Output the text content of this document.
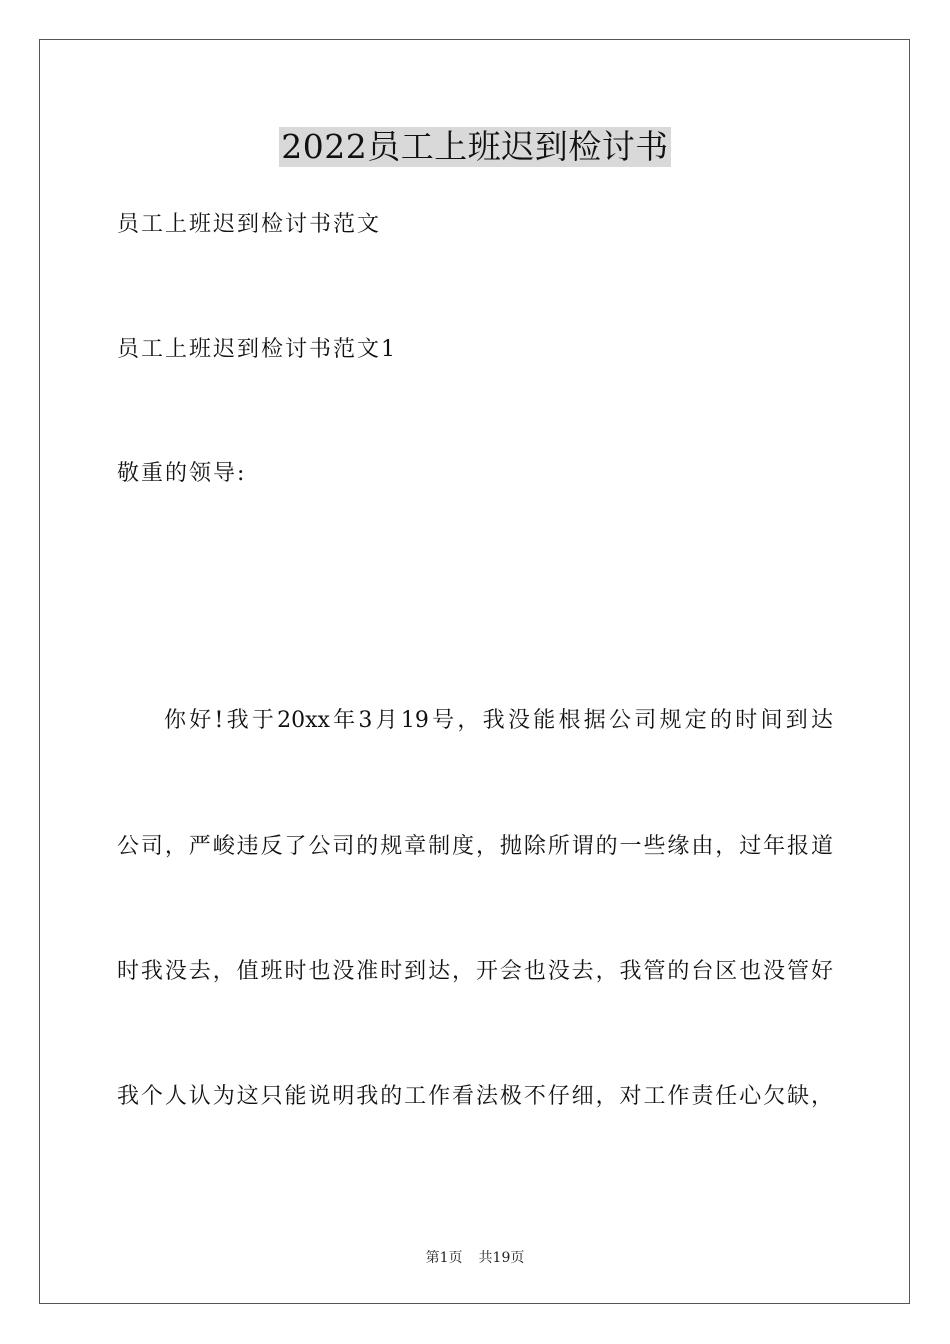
2022员工上班迟到检讨书
员工上班迟到检讨书范文
员工上班迟到检讨书范文1
敬重的领导:
你好!我于20xx年3月19号，我没能根据公司规定的时间到达
公司，严峻违反了公司的规章制度，抛除所谓的一些缘由，过年报道
时我没去，值班时也没准时到达，开会也没去，我管的台区也没管好
我个人认为这只能说明我的工作看法极不仔细，对工作责任心欠缺，
第1页 共19页
